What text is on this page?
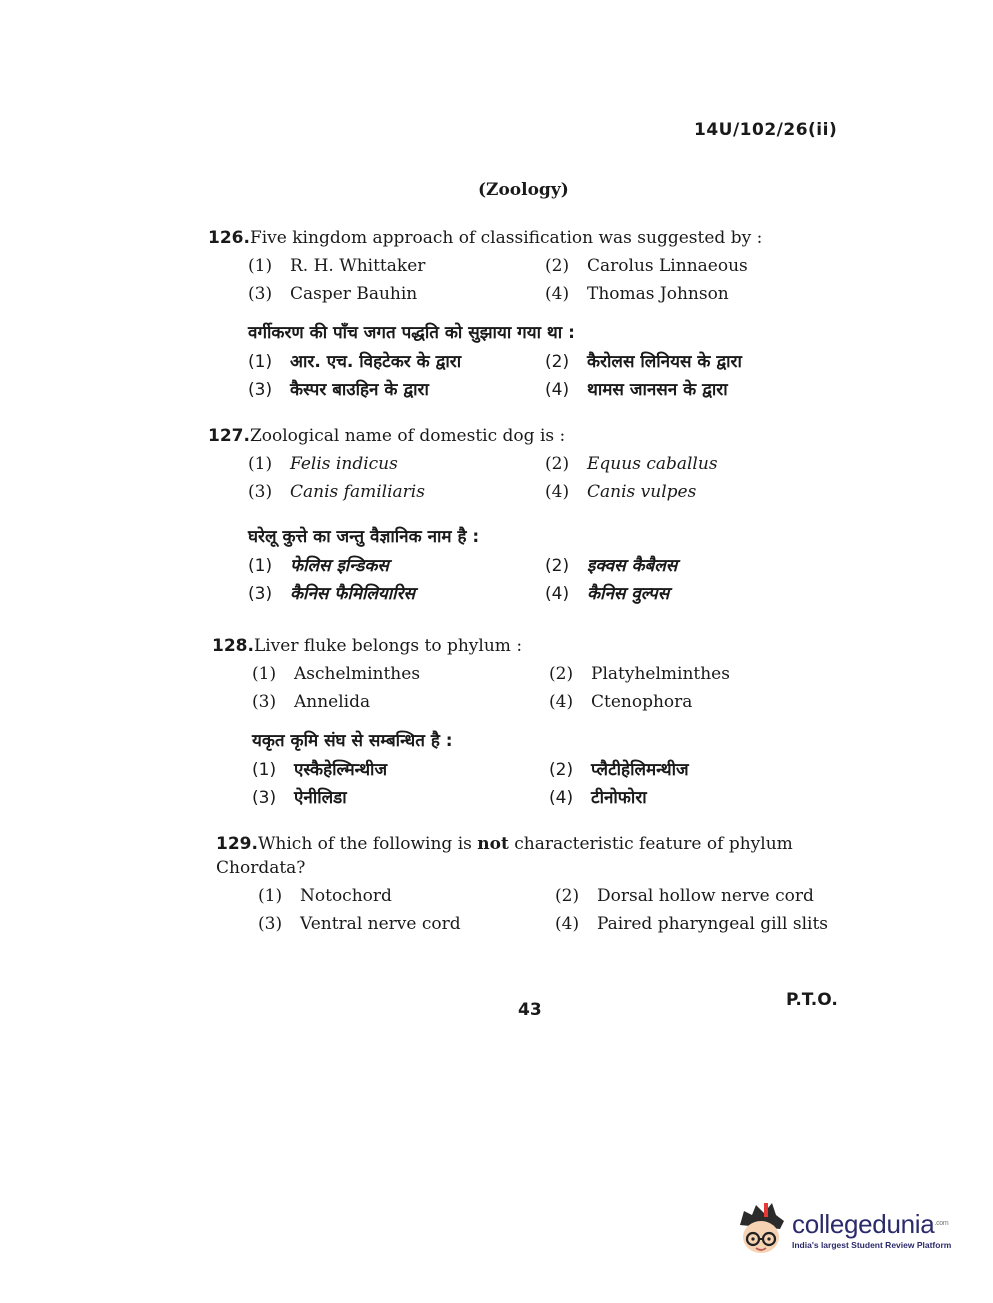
14U/102/26(ii)
(Zoology)
126.Five kingdom approach of classification was suggested by :
(1)	R. H. Whittaker	(2)	Carolus Linnaeous
(3)	Casper Bauhin	(4)	Thomas Johnson
वर्गीकरण की पाँच जगत पद्धति को सुझाया गया था :
(1)	आर. एच. विहटेकर के द्वारा	(2)	कैरोलस लिनियस के द्वारा
(3)	कैस्पर बाउहिन के द्वारा	(4)	थामस जानसन के द्वारा
127.Zoological name of domestic dog is :
(1)	Felis indicus	(2)	Equus caballus
(3)	Canis familiaris	(4)	Canis vulpes
घरेलू कुत्ते का जन्तु वैज्ञानिक नाम है :
(1)	फेलिस इन्डिकस	(2)	इक्वस कैबैलस
(3)	कैनिस फैमिलियारिस	(4)	कैनिस वुल्पस
128.Liver fluke belongs to phylum :
(1)	Aschelminthes	(2)	Platyhelminthes
(3)	Annelida	(4)	Ctenophora
यकृत कृमि संघ से सम्बन्धित है :
(1)	एस्कैहेल्मिन्थीज	(2)	प्लैटीहेलिमन्थीज
(3)	ऐनीलिडा	(4)	टीनोफोरा
129.Which of the following is not characteristic feature of phylum Chordata?
(1)	Notochord	(2)	Dorsal hollow nerve cord
(3)	Ventral nerve cord	(4)	Paired pharyngeal gill slits
43	P.T.O.
collegedunia$^{.com}$
India's largest Student Review Platform
